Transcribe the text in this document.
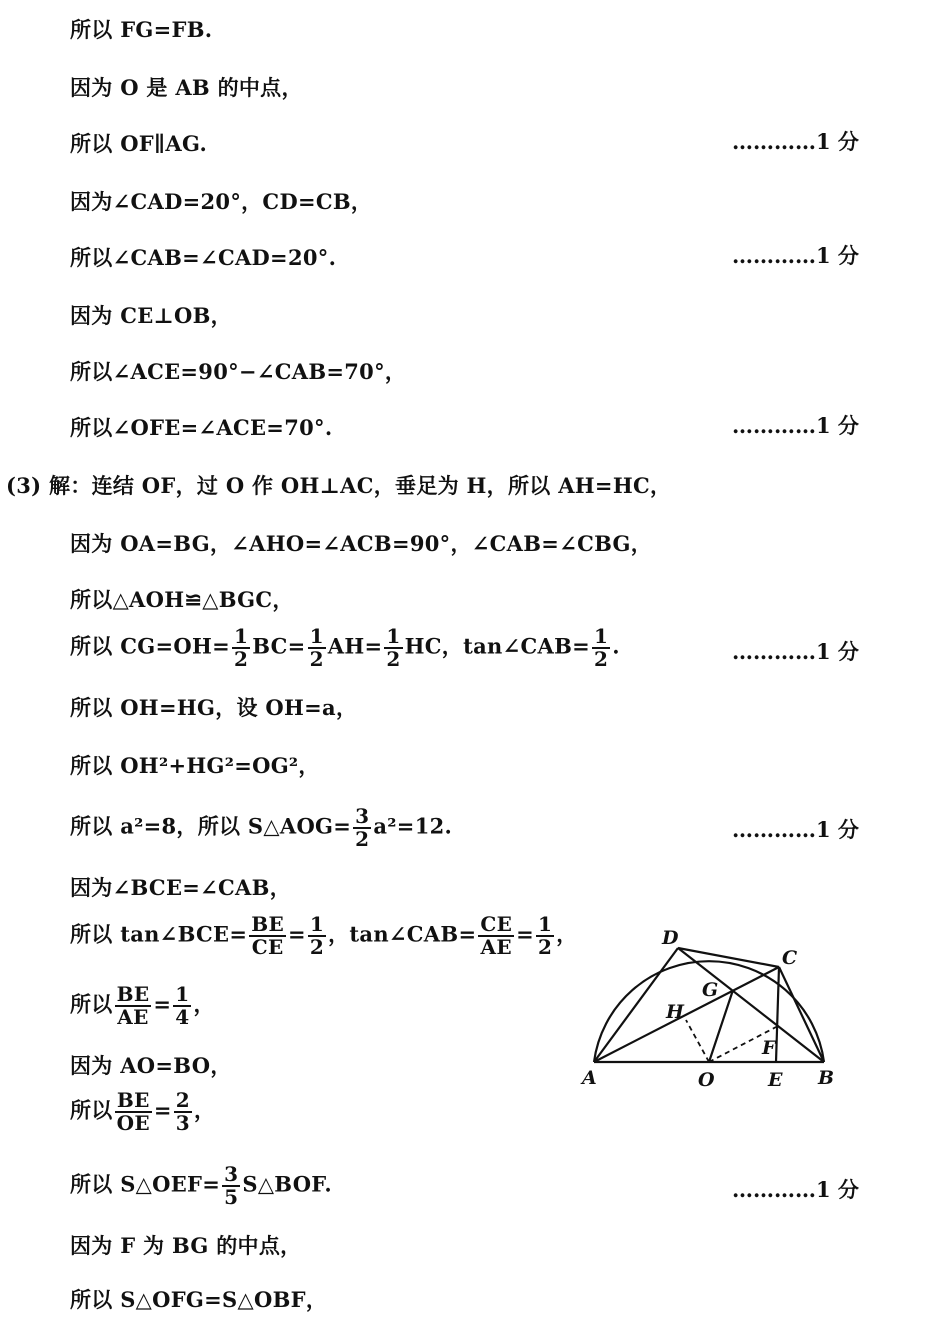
所以 FG=FB.
因为 O 是 AB 的中点，
所以 OF∥AG.	…………1 分
因为∠CAD=20°，CD=CB，
所以∠CAB=∠CAD=20°.	…………1 分
因为 CE⊥OB，
所以∠ACE=90°−∠CAB=70°，
所以∠OFE=∠ACE=70°.	…………1 分
(3) 解：连结 OF，过 O 作 OH⊥AC，垂足为 H，所以 AH=HC，
因为 OA=BG，∠AHO=∠ACB=90°，∠CAB=∠CBG，
所以△AOH≌△BGC，
所以 $CG=OH= \frac{1}{2} BC= \frac{1}{2} AH= \frac{1}{2}$ HC，tan∠CAB= $\frac{1}{2}$ .	…………1 分
所以 OH=HG，设 OH=a，
所以 OH²+HG²=OG²，
所以 a²=8，所以 S△AOG= $\frac{3}{2} a^2=12$.	…………1 分
因为∠BCE=∠CAB，
所以 tan∠BCE= $\frac{BE}{CE} = \frac{1}{2}$ ，tan∠CAB= $\frac{CE}{AE} = \frac{1}{2}$ ，
所以 $\frac{BE}{AE} = \frac{1}{4}$ ，
因为 AO=BO，
所以 $\frac{BE}{OE} = \frac{2}{3}$ ，
所以 S△OEF= $\frac{3}{5}$ S△BOF.	…………1 分
因为 F 为 BG 的中点，
所以 S△OFG=S△OBF，
D
C
G
H
F
A	O	E B
